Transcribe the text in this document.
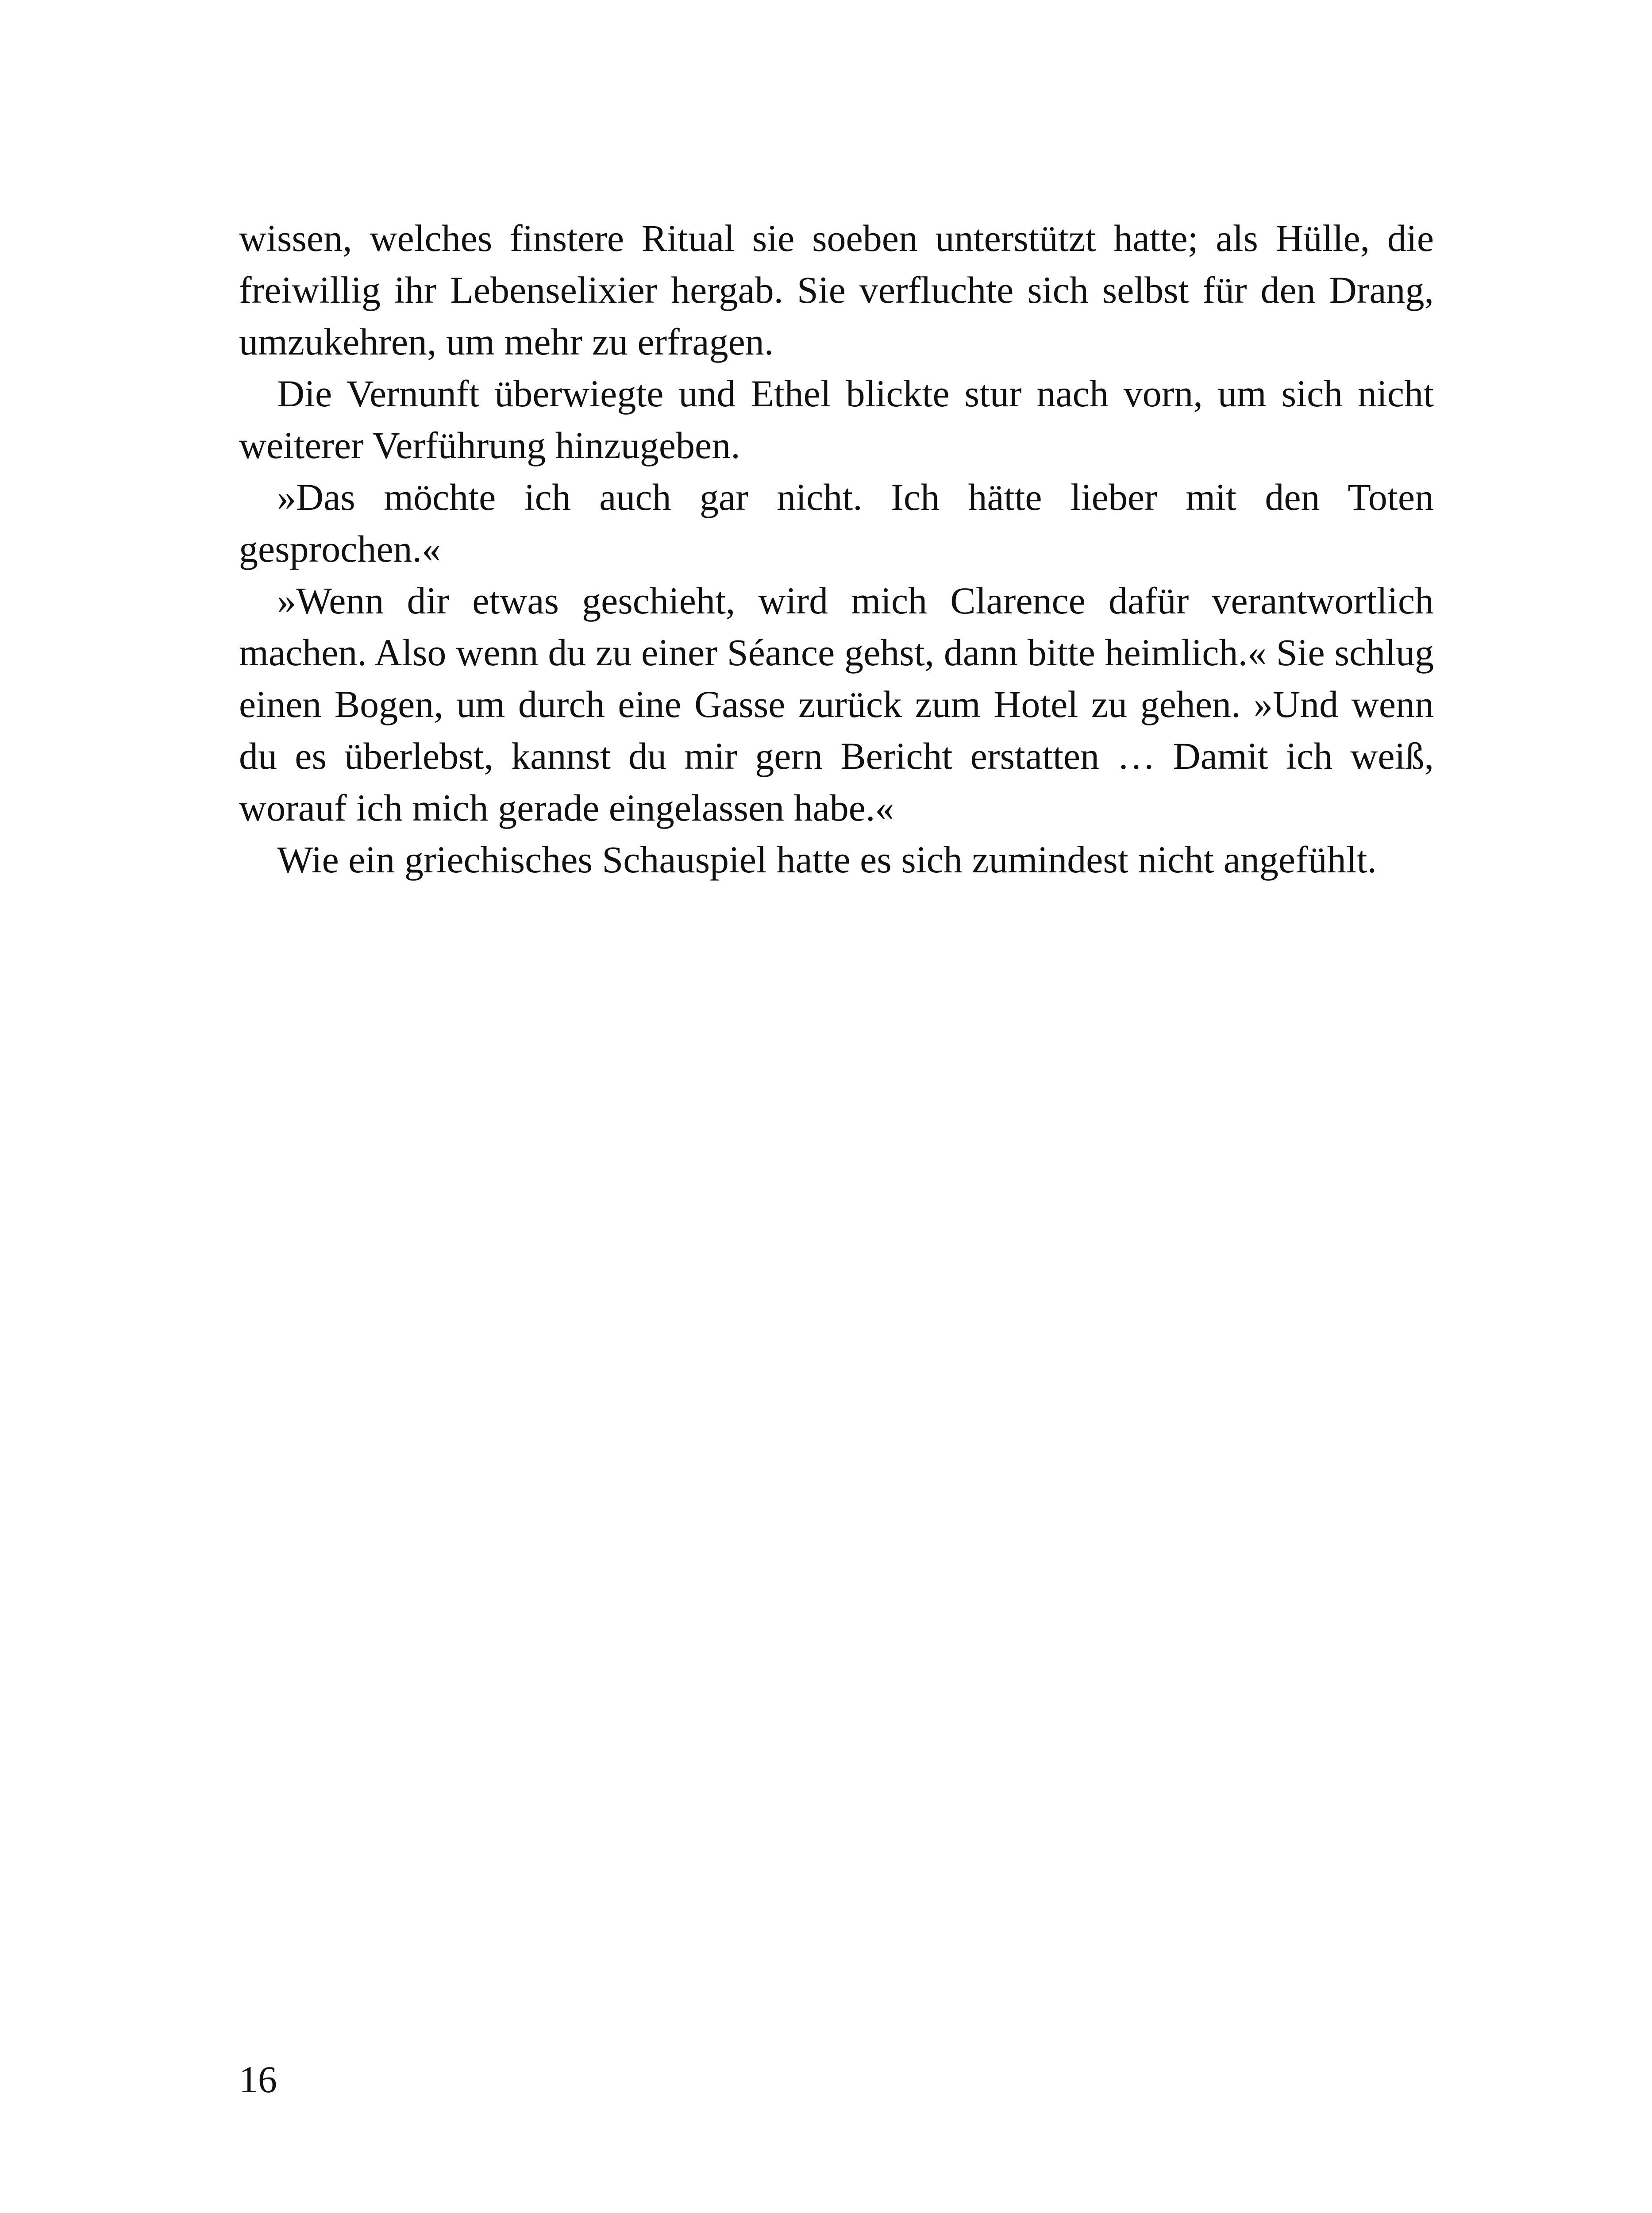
wissen, welches finstere Ritual sie soeben unterstützt hatte; als Hülle, die freiwillig ihr Lebenselixier hergab. Sie verfluchte sich selbst für den Drang, umzukehren, um mehr zu erfragen.

Die Vernunft überwiegte und Ethel blickte stur nach vorn, um sich nicht weiterer Verführung hinzugeben.

»Das möchte ich auch gar nicht. Ich hätte lieber mit den Toten gesprochen.«

»Wenn dir etwas geschieht, wird mich Clarence dafür verantwortlich machen. Also wenn du zu einer Séance gehst, dann bitte heimlich.« Sie schlug einen Bogen, um durch eine Gasse zurück zum Hotel zu gehen. »Und wenn du es überlebst, kannst du mir gern Bericht erstatten … Damit ich weiß, worauf ich mich gerade eingelassen habe.«

Wie ein griechisches Schauspiel hatte es sich zumindest nicht angefühlt.

16
